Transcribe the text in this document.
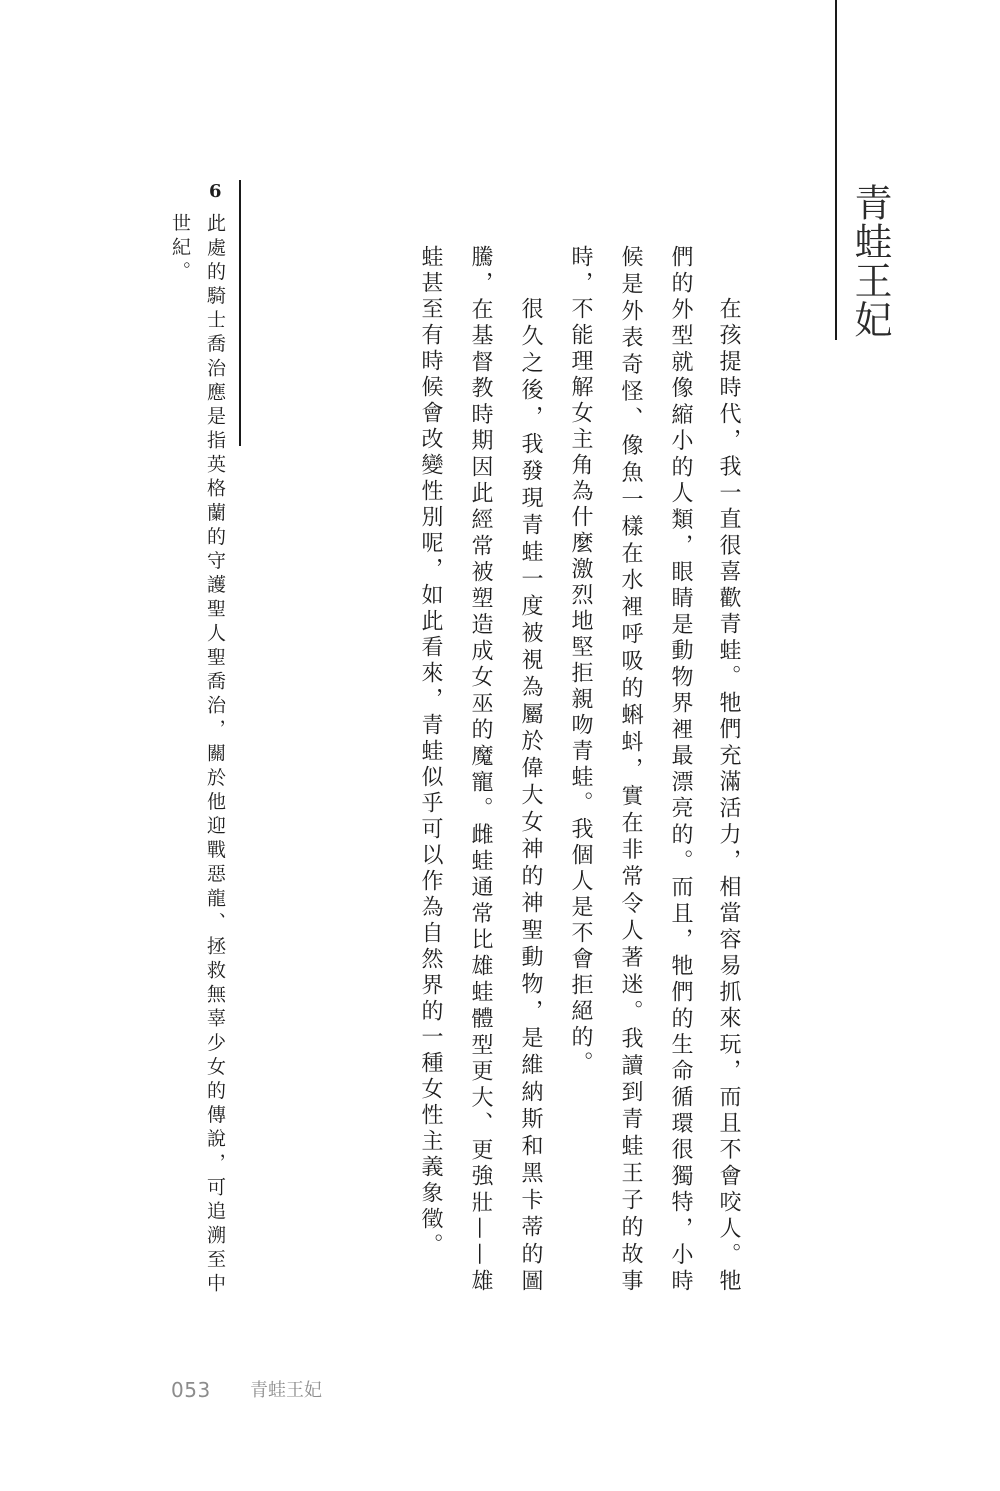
青蛙王妃
在孩提時代，我一直很喜歡青蛙。牠們充滿活力，相當容易抓來玩，而且不會咬人。牠
們的外型就像縮小的人類，眼睛是動物界裡最漂亮的。而且，牠們的生命循環很獨特，小時
候是外表奇怪、像魚一樣在水裡呼吸的蝌蚪，實在非常令人著迷。我讀到青蛙王子的故事
時，不能理解女主角為什麼激烈地堅拒親吻青蛙。我個人是不會拒絕的。
很久之後，我發現青蛙一度被視為屬於偉大女神的神聖動物，是維納斯和黑卡蒂的圖
騰，在基督教時期因此經常被塑造成女巫的魔寵。雌蛙通常比雄蛙體型更大、更強壯——雄
蛙甚至有時候會改變性別呢，如此看來，青蛙似乎可以作為自然界的一種女性主義象徵。
6
此處的騎士喬治應是指英格蘭的守護聖人聖喬治，關於他迎戰惡龍、拯救無辜少女的傳說，可追溯至中
世紀。
053 青蛙王妃
